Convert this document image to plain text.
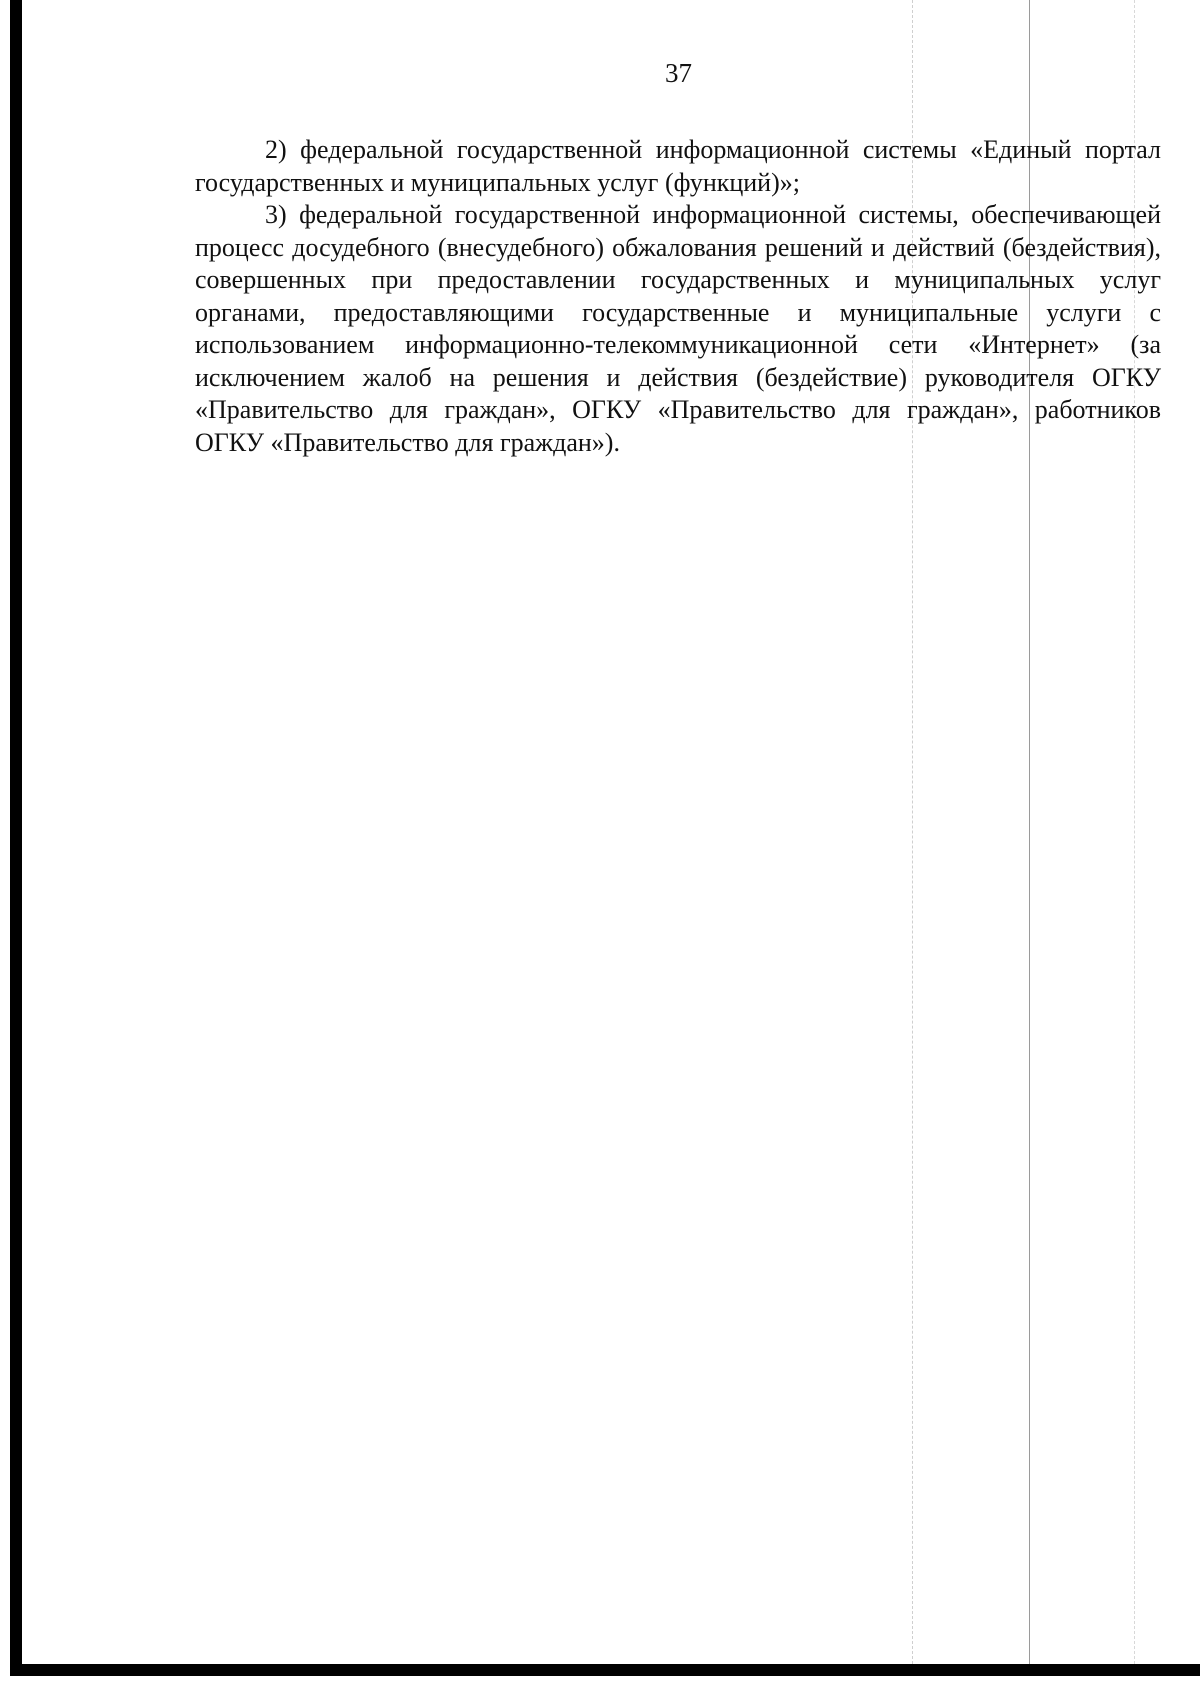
37

2) федеральной государственной информационной системы «Единый портал государственных и муниципальных услуг (функций)»;

3) федеральной государственной информационной системы, обеспечивающей процесс досудебного (внесудебного) обжалования решений и действий (бездействия), совершенных при предоставлении государственных и муниципальных услуг органами, предоставляющими государственные и муниципальные услуги с использованием информационно-телекоммуникационной сети «Интернет» (за исключением жалоб на решения и действия (бездействие) руководителя ОГКУ «Правительство для граждан», ОГКУ «Правительство для граждан», работников ОГКУ «Правительство для граждан»).
